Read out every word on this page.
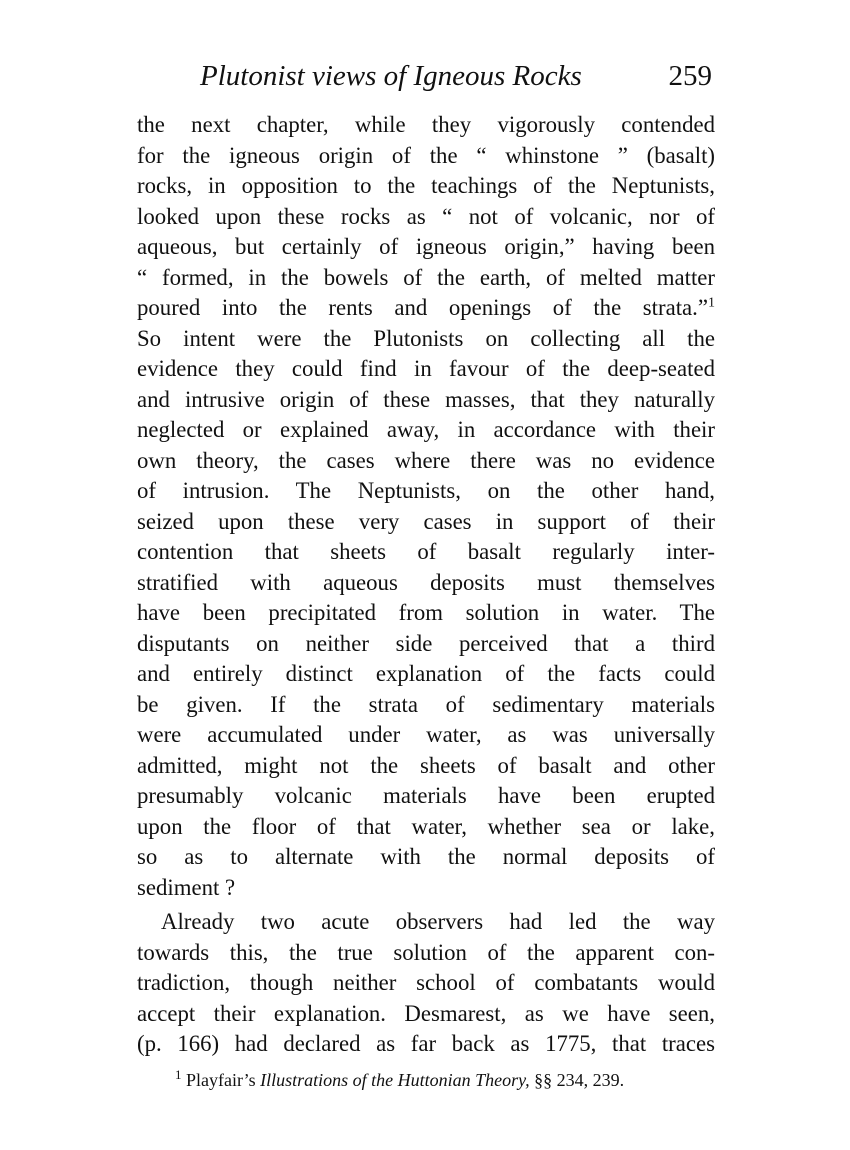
Plutonist views of Igneous Rocks	259
the next chapter, while they vigorously contended
for the igneous origin of the “ whinstone ” (basalt)
rocks, in opposition to the teachings of the Neptunists,
looked upon these rocks as “ not of volcanic, nor of
aqueous, but certainly of igneous origin,” having been
“ formed, in the bowels of the earth, of melted matter
poured into the rents and openings of the strata.”$^1$
So intent were the Plutonists on collecting all the
evidence they could find in favour of the deep-seated
and intrusive origin of these masses, that they naturally
neglected or explained away, in accordance with their
own theory, the cases where there was no evidence
of intrusion. The Neptunists, on the other hand,
seized upon these very cases in support of their
contention that sheets of basalt regularly inter-
stratified with aqueous deposits must themselves
have been precipitated from solution in water. The
disputants on neither side perceived that a third
and entirely distinct explanation of the facts could
be given. If the strata of sedimentary materials
were accumulated under water, as was universally
admitted, might not the sheets of basalt and other
presumably volcanic materials have been erupted
upon the floor of that water, whether sea or lake,
so as to alternate with the normal deposits of
sediment ?
Already two acute observers had led the way
towards this, the true solution of the apparent con-
tradiction, though neither school of combatants would
accept their explanation. Desmarest, as we have seen,
(p. 166) had declared as far back as 1775, that traces
$^1$ Playfair’s Illustrations of the Huttonian Theory, §§ 234, 239.
